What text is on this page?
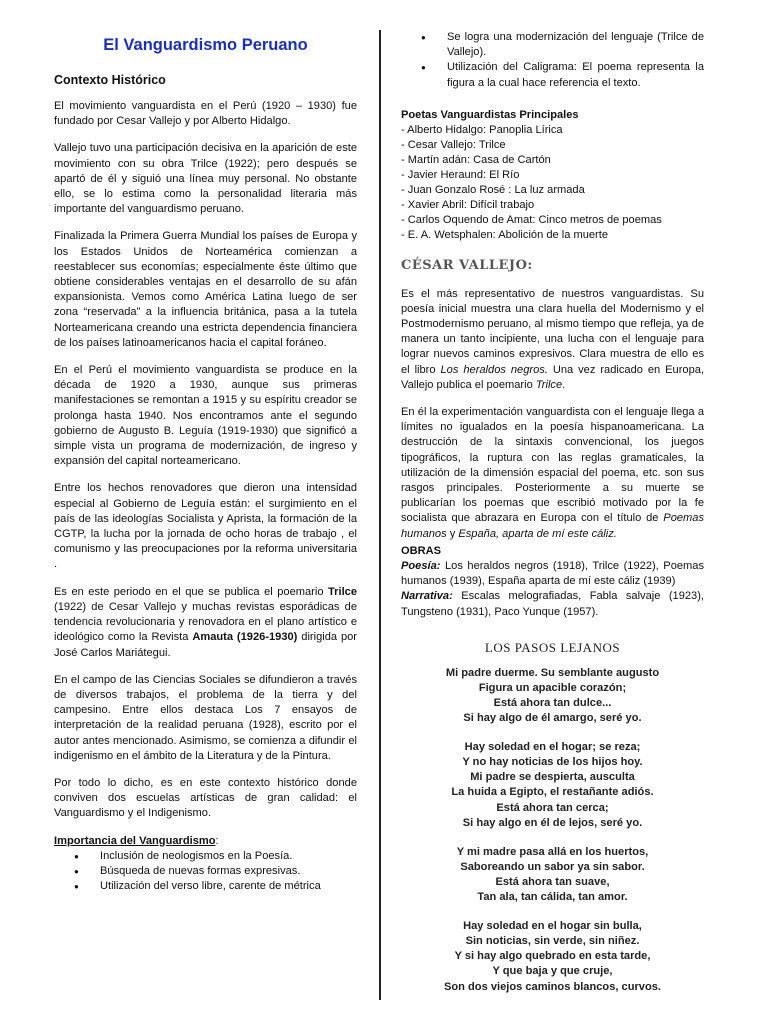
El Vanguardismo Peruano
Contexto Histórico

El movimiento vanguardista en el Perú (1920 – 1930) fue fundado por Cesar Vallejo y por Alberto Hidalgo.

Vallejo tuvo una participación decisiva en la aparición de este movimiento con su obra Trilce (1922); pero después se apartó de él y siguió una línea muy personal. No obstante ello, se lo estima como la personalidad literaria más importante del vanguardismo peruano.

Finalizada la Primera Guerra Mundial los países de Europa y los Estados Unidos de Norteamérica comienzan a reestablecer sus economías; especialmente éste último que obtiene considerables ventajas en el desarrollo de su afán expansionista. Vemos como América Latina luego de ser zona “reservada” a la influencia británica, pasa a la tutela Norteamericana creando una estricta dependencia financiera de los países latinoamericanos hacia el capital foráneo.

En el Perú el movimiento vanguardista se produce en la década de 1920 a 1930, aunque sus primeras manifestaciones se remontan a 1915 y su espíritu creador se prolonga hasta 1940. Nos encontramos ante el segundo gobierno de Augusto B. Leguía (1919-1930) que significó a simple vista un programa de modernización, de ingreso y expansión del capital norteamericano.

Entre los hechos renovadores que dieron una intensidad especial al Gobierno de Leguía están: el surgimiento en el país de las ideologías Socialista y Aprista, la formación de la CGTP, la lucha por la jornada de ocho horas de trabajo , el comunismo y las preocupaciones por la reforma universitaria .

Es en este periodo en el que se publica el poemario Trilce (1922) de Cesar Vallejo y muchas revistas esporádicas de tendencia revolucionaria y renovadora en el plano artístico e ideológico como la Revista Amauta (1926-1930) dirigida por José Carlos Mariátegui.

En el campo de las Ciencias Sociales se difundieron a través de diversos trabajos, el problema de la tierra y del campesino. Entre ellos destaca Los 7 ensayos de interpretación de la realidad peruana (1928), escrito por el autor antes mencionado. Asimismo, se comienza a difundir el indigenismo en el ámbito de la Literatura y de la Pintura.

Por todo lo dicho, es en este contexto histórico donde conviven dos escuelas artísticas de gran calidad: el Vanguardismo y el Indigenismo.

Importancia del Vanguardismo:
● Inclusión de neologismos en la Poesía.
● Búsqueda de nuevas formas expresivas.
● Utilización del verso libre, carente de métrica
● Se logra una modernización del lenguaje (Trilce de Vallejo).
● Utilización del Caligrama: El poema representa la figura a la cual hace referencia el texto.
Poetas Vanguardistas Principales
- Alberto Hidalgo: Panoplia Lírica
- Cesar Vallejo: Trilce
- Martín adán: Casa de Cartón
- Javier Heraund: El Río
- Juan Gonzalo Rosé : La luz armada
- Xavier Abril: Difícil trabajo
- Carlos Oquendo de Amat: Cinco metros de poemas
- E. A. Wetsphalen: Abolición de la muerte
CÉSAR VALLEJO:

Es el más representativo de nuestros vanguardistas. Su poesía inicial muestra una clara huella del Modernismo y el Postmodernismo peruano, al mismo tiempo que refleja, ya de manera un tanto incipiente, una lucha con el lenguaje para lograr nuevos caminos expresivos. Clara muestra de ello es el libro Los heraldos negros. Una vez radicado en Europa, Vallejo publica el poemario Trilce.

En él la experimentación vanguardista con el lenguaje llega a límites no igualados en la poesía hispanoamericana. La destrucción de la sintaxis convencional, los juegos tipográficos, la ruptura con las reglas gramaticales, la utilización de la dimensión espacial del poema, etc. son sus rasgos principales. Posteriormente a su muerte se publicarían los poemas que escribió motivado por la fe socialista que abrazara en Europa con el título de Poemas humanos y España, aparta de mí este cáliz.

OBRAS
Poesía: Los heraldos negros (1918), Trilce (1922), Poemas humanos (1939), España aparta de mí este cáliz (1939)
Narrativa: Escalas melografiadas, Fabla salvaje (1923), Tungsteno (1931), Paco Yunque (1957).
LOS PASOS LEJANOS
Mi padre duerme. Su semblante augusto
Figura un apacible corazón;
Está ahora tan dulce...
Si hay algo de él amargo, seré yo.
Hay soledad en el hogar; se reza;
Y no hay noticias de los hijos hoy.
Mi padre se despierta, ausculta
La huida a Egipto, el restañante adiós.
Está ahora tan cerca;
Si hay algo en él de lejos, seré yo.
Y mi madre pasa allá en los huertos,
Saboreando un sabor ya sin sabor.
Está ahora tan suave,
Tan ala, tan cálida, tan amor.
Hay soledad en el hogar sin bulla,
Sin noticias, sin verde, sin niñez.
Y si hay algo quebrado en esta tarde,
Y que baja y que cruje,
Son dos viejos caminos blancos, curvos.
